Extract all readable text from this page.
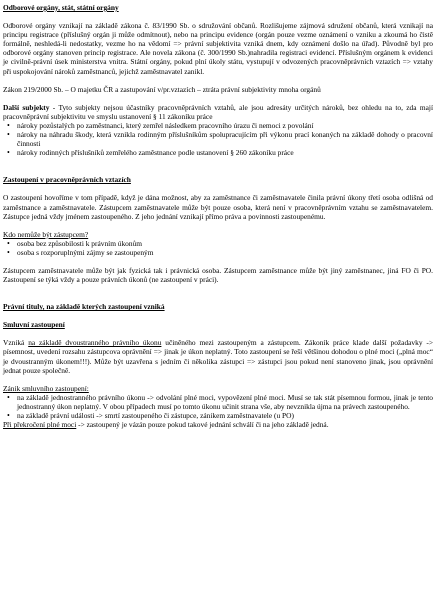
Odborové orgány, stát, státní orgány

Odborové orgány vznikají na základě zákona č. 83/1990 Sb. o sdružování občanů. Rozlišujeme zájmová sdružení občanů, která vznikají na principu registrace (příslušný orgán ji může odmítnout), nebo na principu evidence (orgán pouze vezme oznámení o vzniku a zkoumá ho čistě formálně, neshledá-li nedostatky, vezme ho na vědomí => právní subjektivita vzniká dnem, kdy oznámení došlo na úřad). Původně byl pro odborové orgány stanoven princip registrace. Ale novela zákona (č. 300/1990 Sb.)nahradila registraci evidencí. Příslušným orgánem k evidenci je civilně-právní úsek ministerstva vnitra. Státní orgány, pokud plní úkoly státu, vystupují v odvozených pracovněprávních vztazích => vztahy při uspokojování nároků zaměstnanců, jejichž zaměstnavatel zanikl.

Zákon 219/2000 Sb. – O majetku ČR a zastupování v/pr.vztazích – ztráta právní subjektivity mnoha orgánů

Další subjekty - Tyto subjekty nejsou účastníky pracovněprávních vztahů, ale jsou adresáty určitých nároků, bez ohledu na to, zda mají pracovněprávní subjektivitu ve smyslu ustanovení § 11 zákoníku práce

• nároky pozůstalých po zaměstnanci, který zemřel následkem pracovního úrazu či nemoci z povolání
• nároky na náhradu škody, která vznikla rodinným příslušníkům spolupracujícím při výkonu prací konaných na základě dohody o pracovní činnosti
• nároky rodinných příslušníků zemřelého zaměstnance podle ustanovení § 260 zákoníku práce

Zastoupení v pracovněprávních vztazích

O zastoupení hovoříme v tom případě, když je dána možnost, aby za zaměstnance či zaměstnavatele činila právní úkony třetí osoba odlišná od zaměstnance a zaměstnavatele. Zástupcem zaměstnavatele může být pouze osoba, která není v pracovněprávním vztahu se zaměstnavatelem. Zástupce jedná vždy jménem zastoupeného. Z jeho jednání vznikají přímo práva a povinnosti zastoupenému.

Kdo nemůže být zástupcem?

• osoba bez způsobilosti k právním úkonům
• osoba s rozporuplnými zájmy se zastoupeným

Zástupcem zaměstnavatele může být jak fyzická tak i právnická osoba. Zástupcem zaměstnance může být jiný zaměstnanec, jiná FO či PO. Zastoupení se týká vždy a pouze právních úkonů (ne zastoupení v práci).

Právní tituly, na základě kterých zastoupení vzniká

Smluvní zastoupení

Vzniká na základě dvoustranného právního úkonu učiněného mezi zastoupeným a zástupcem. Zákoník práce klade další požadavky -> písemnost, uvedení rozsahu zástupcova oprávnění => jinak je úkon neplatný. Toto zastoupení se řeší většinou dohodou o plné moci („plná moc“ je dvoustranným úkonem!!!). Může být uzavřena s jedním či několika zástupci => zástupci jsou pokud není stanoveno jinak, jsou oprávnění jednat pouze společně.

Zánik smluvního zastoupení:

• na základě jednostranného právního úkonu -> odvolání plné moci, vypovězení plné moci. Musí se tak stát písemnou formou, jinak je tento jednostranný úkon neplatný. V obou případech musí po tomto úkonu učinit strana vše, aby nevznikla újma na právech zastoupeného.
• na základě právní události -> smrtí zastoupeného či zástupce, zánikem zaměstnavatele (u PO)

Při překročení plné moci -> zastoupený je vázán pouze pokud takové jednání schválí či na jeho základě jedná.
